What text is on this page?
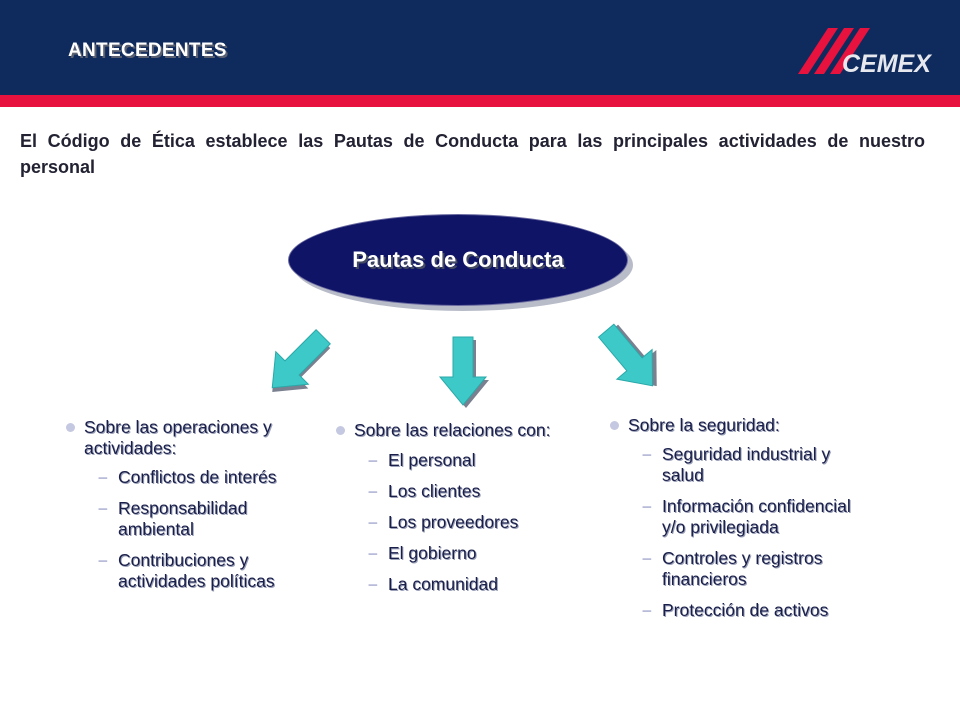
ANTECEDENTES	CEMEX
El Código de Ética establece las Pautas de Conducta para las principales actividades de nuestro personal
Pautas de Conducta
Sobre las operaciones y actividades:
– Conflictos de interés
– Responsabilidad ambiental
– Contribuciones y actividades políticas
Sobre las relaciones con:
– El personal
– Los clientes
– Los proveedores
– El gobierno
– La comunidad
Sobre la seguridad:
– Seguridad industrial y salud
– Información confidencial y/o privilegiada
– Controles y registros financieros
– Protección de activos
